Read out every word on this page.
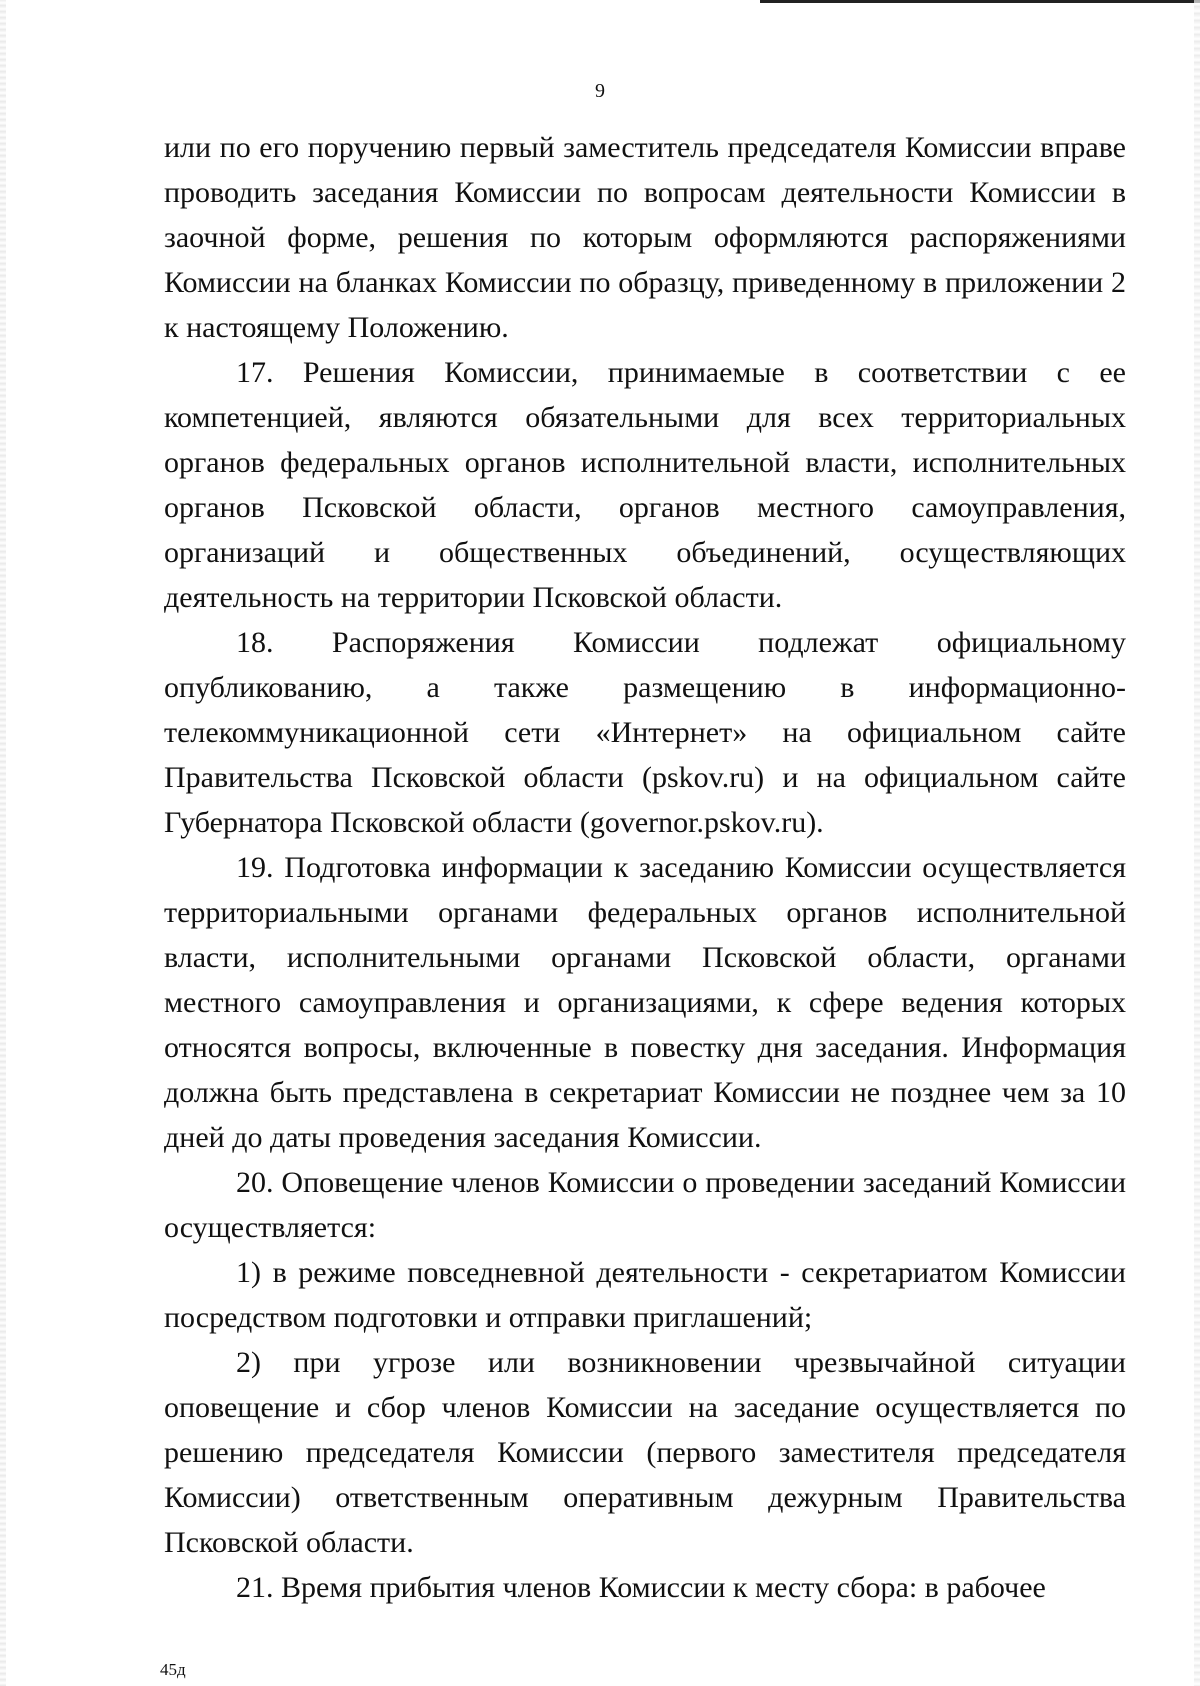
9

или по его поручению первый заместитель председателя Комиссии вправе проводить заседания Комиссии по вопросам деятельности Комиссии в заочной форме, решения по которым оформляются распоряжениями Комиссии на бланках Комиссии по образцу, приведенному в приложении 2 к настоящему Положению.

17. Решения Комиссии, принимаемые в соответствии с ее компетенцией, являются обязательными для всех территориальных органов федеральных органов исполнительной власти, исполнительных органов Псковской области, органов местного самоуправления, организаций и общественных объединений, осуществляющих деятельность на территории Псковской области.

18. Распоряжения Комиссии подлежат официальному опубликованию, а также размещению в информационно-телекоммуникационной сети «Интернет» на официальном сайте Правительства Псковской области (pskov.ru) и на официальном сайте Губернатора Псковской области (governor.pskov.ru).

19. Подготовка информации к заседанию Комиссии осуществляется территориальными органами федеральных органов исполнительной власти, исполнительными органами Псковской области, органами местного самоуправления и организациями, к сфере ведения которых относятся вопросы, включенные в повестку дня заседания. Информация должна быть представлена в секретариат Комиссии не позднее чем за 10 дней до даты проведения заседания Комиссии.

20. Оповещение членов Комиссии о проведении заседаний Комиссии осуществляется:

1) в режиме повседневной деятельности - секретариатом Комиссии посредством подготовки и отправки приглашений;

2) при угрозе или возникновении чрезвычайной ситуации оповещение и сбор членов Комиссии на заседание осуществляется по решению председателя Комиссии (первого заместителя председателя Комиссии) ответственным оперативным дежурным Правительства Псковской области.

21. Время прибытия членов Комиссии к месту сбора: в рабочее

45д
